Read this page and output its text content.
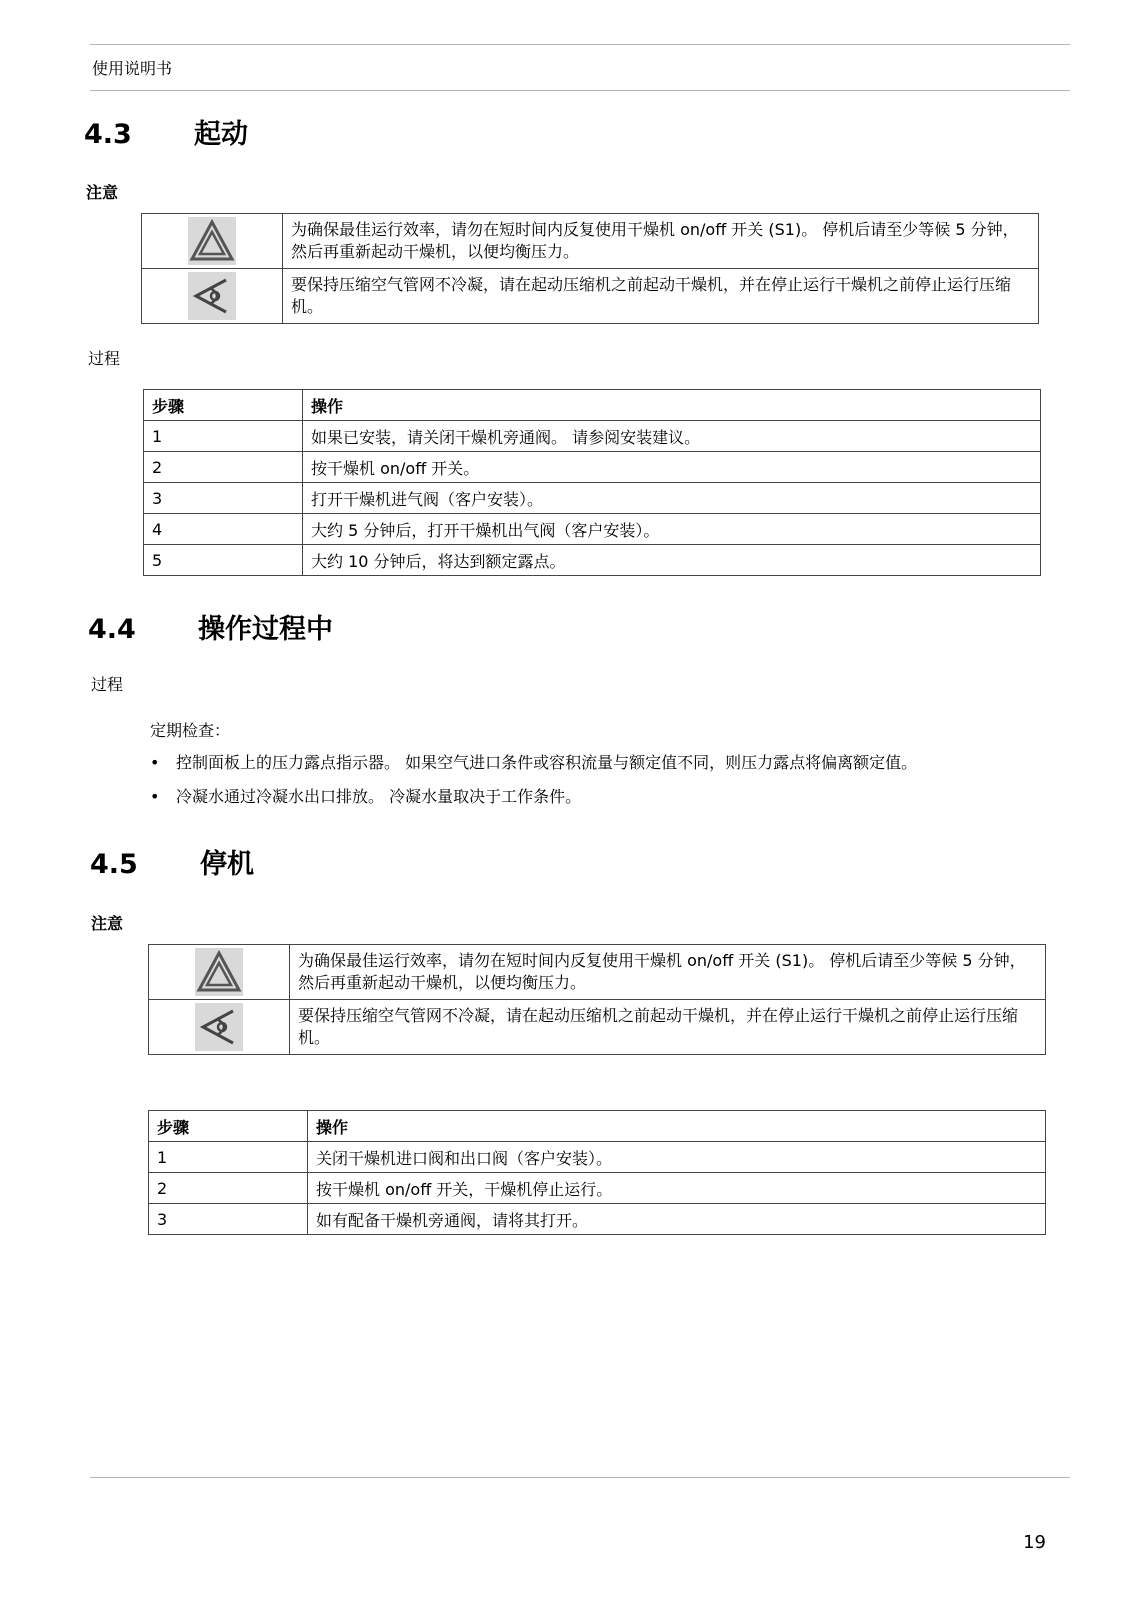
使用说明书
4.3 起动
注意
	为确保最佳运行效率，请勿在短时间内反复使用干燥机 on/off 开关 (S1)。 停机后请至少等候 5 分钟，然后再重新起动干燥机，以便均衡压力。

	要保持压缩空气管网不冷凝，请在起动压缩机之前起动干燥机，并在停止运行干燥机之前停止运行压缩机。
过程
步骤	操作
1	如果已安装，请关闭干燥机旁通阀。 请参阅安装建议。
2	按干燥机 on/off 开关。
3	打开干燥机进气阀（客户安装）。
4	大约 5 分钟后，打开干燥机出气阀（客户安装）。
5	大约 10 分钟后，将达到额定露点。
4.4 操作过程中
过程
定期检查：
• 控制面板上的压力露点指示器。 如果空气进口条件或容积流量与额定值不同，则压力露点将偏离额定值。
• 冷凝水通过冷凝水出口排放。 冷凝水量取决于工作条件。
4.5 停机
注意
	为确保最佳运行效率，请勿在短时间内反复使用干燥机 on/off 开关 (S1)。 停机后请至少等候 5 分钟，然后再重新起动干燥机，以便均衡压力。

	要保持压缩空气管网不冷凝，请在起动压缩机之前起动干燥机，并在停止运行干燥机之前停止运行压缩机。
步骤	操作
1	关闭干燥机进口阀和出口阀（客户安装）。
2	按干燥机 on/off 开关，干燥机停止运行。
3	如有配备干燥机旁通阀，请将其打开。
19
